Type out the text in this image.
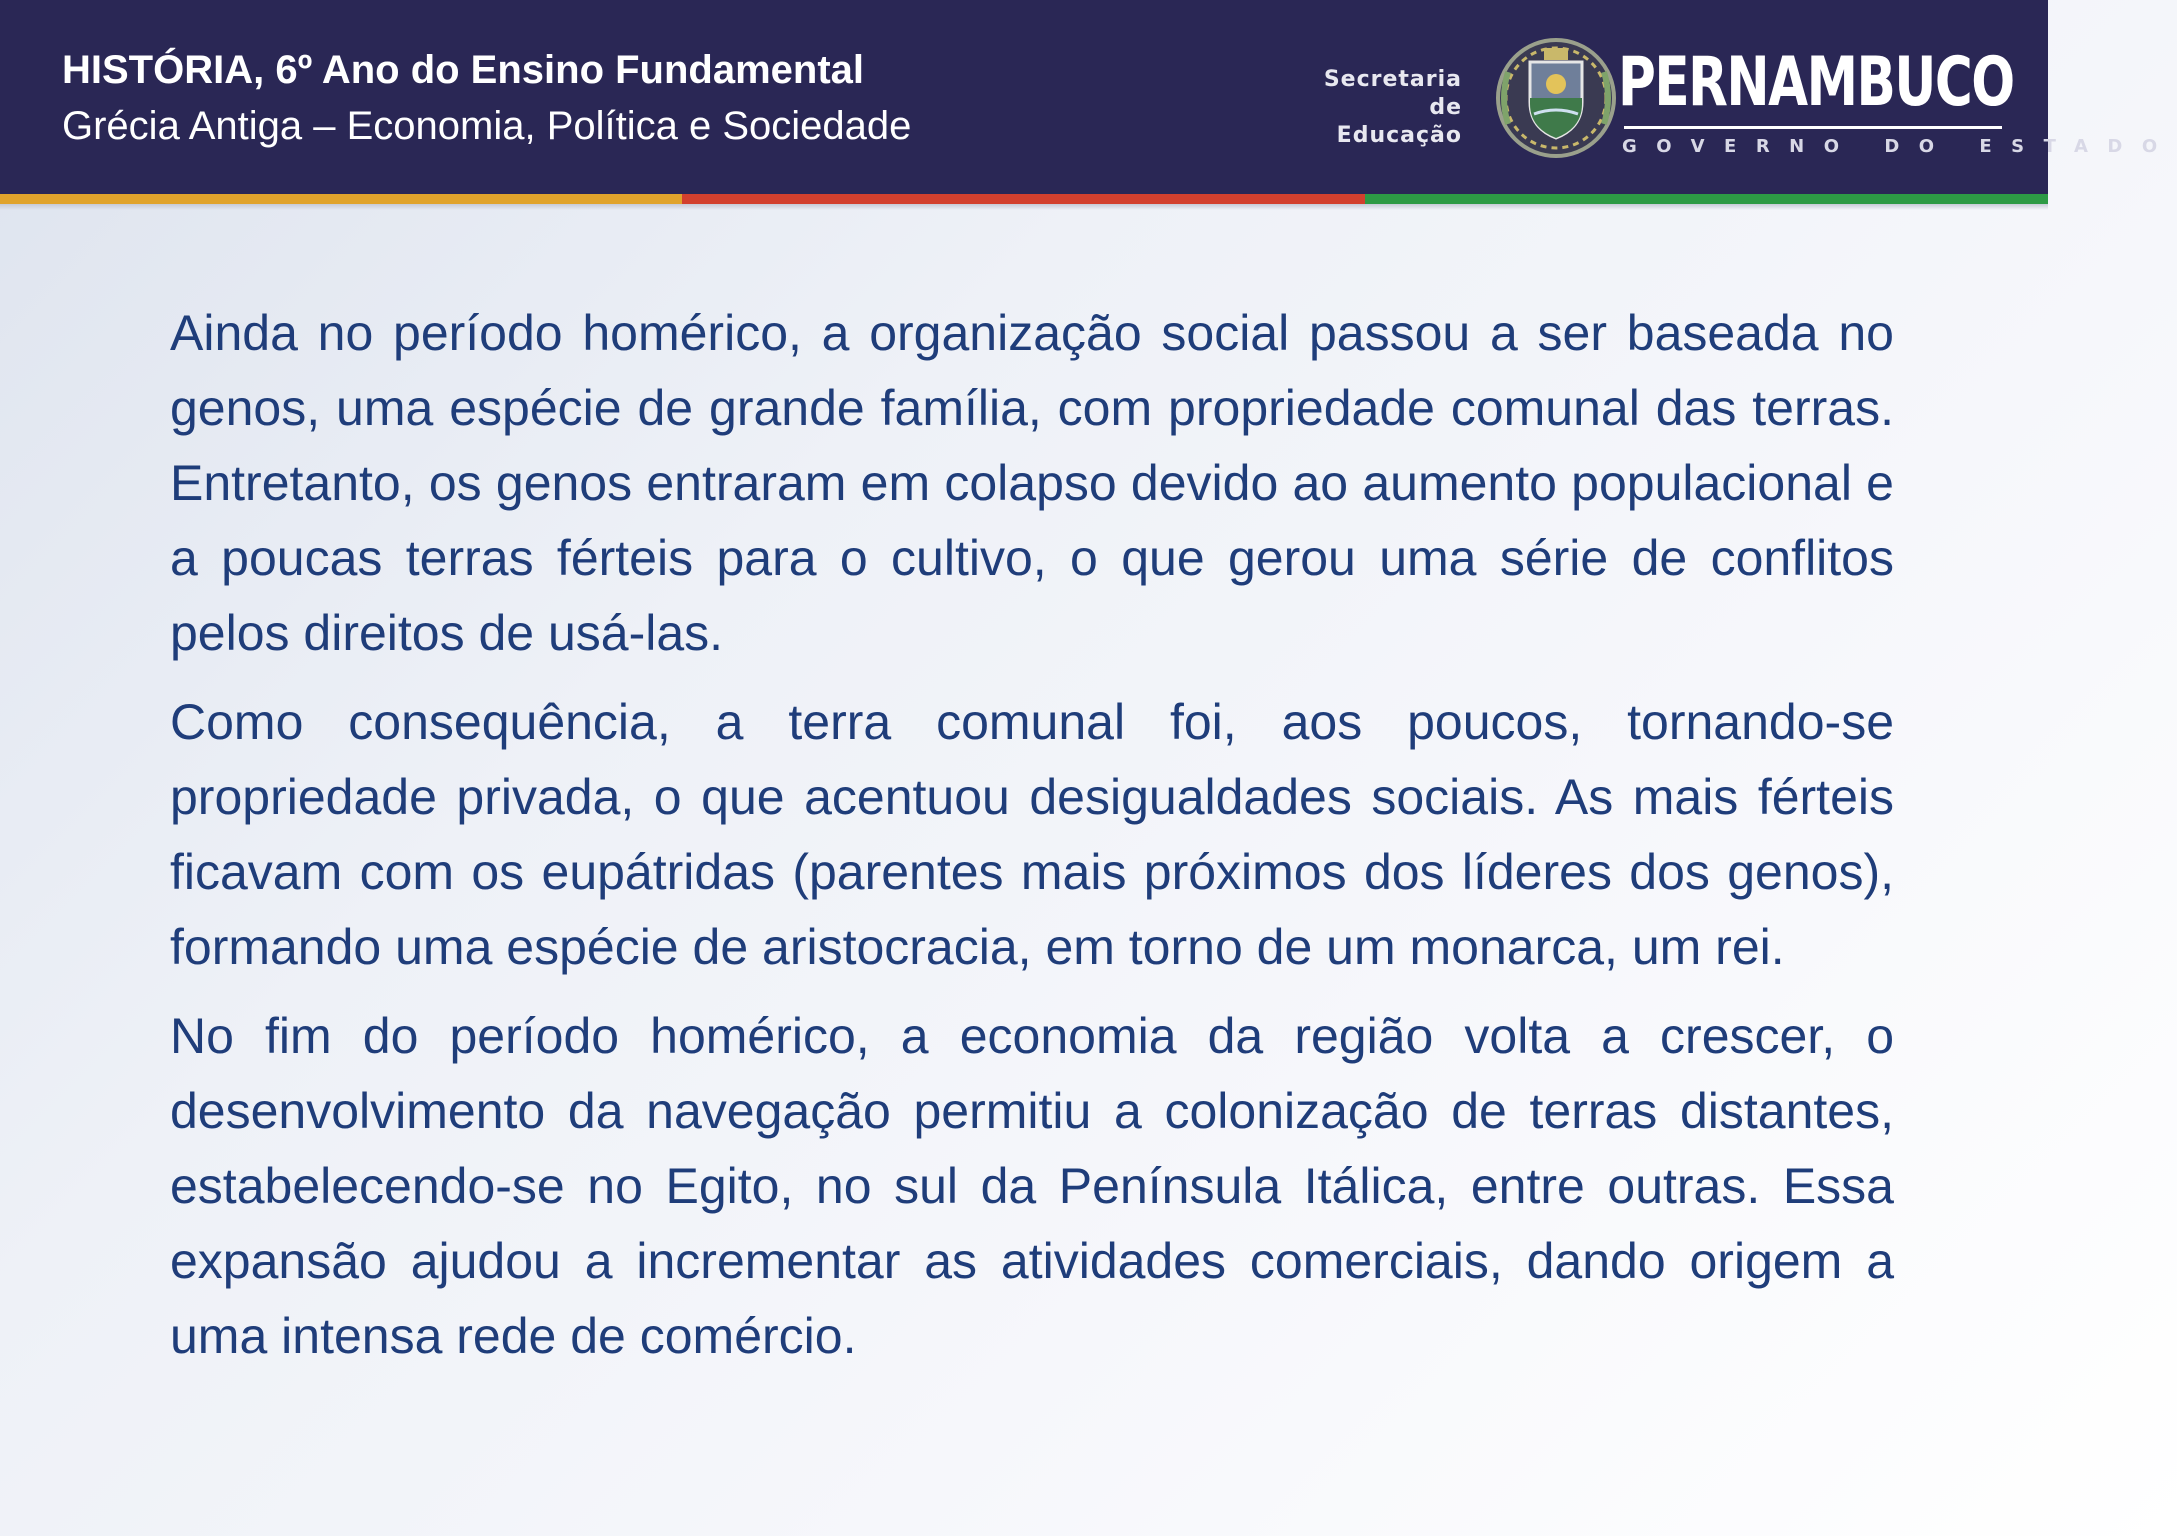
HISTÓRIA, 6º Ano do Ensino Fundamental
Grécia Antiga – Economia, Política e Sociedade
Secretaria de
Educação
PERNAMBUCO
GOVERNO DO ESTADO

Ainda no período homérico, a organização social passou a ser baseada no genos, uma espécie de grande família, com propriedade comunal das terras. Entretanto, os genos entraram em colapso devido ao aumento populacional e a poucas terras férteis para o cultivo, o que gerou uma série de conflitos pelos direitos de usá-las.

Como consequência, a terra comunal foi, aos poucos, tornando-se propriedade privada, o que acentuou desigualdades sociais. As mais férteis ficavam com os eupátridas (parentes mais próximos dos líderes dos genos), formando uma espécie de aristocracia, em torno de um monarca, um rei.

No fim do período homérico, a economia da região volta a crescer, o desenvolvimento da navegação permitiu a colonização de terras distantes, estabelecendo-se no Egito, no sul da Península Itálica, entre outras. Essa expansão ajudou a incrementar as atividades comerciais, dando origem a uma intensa rede de comércio.
